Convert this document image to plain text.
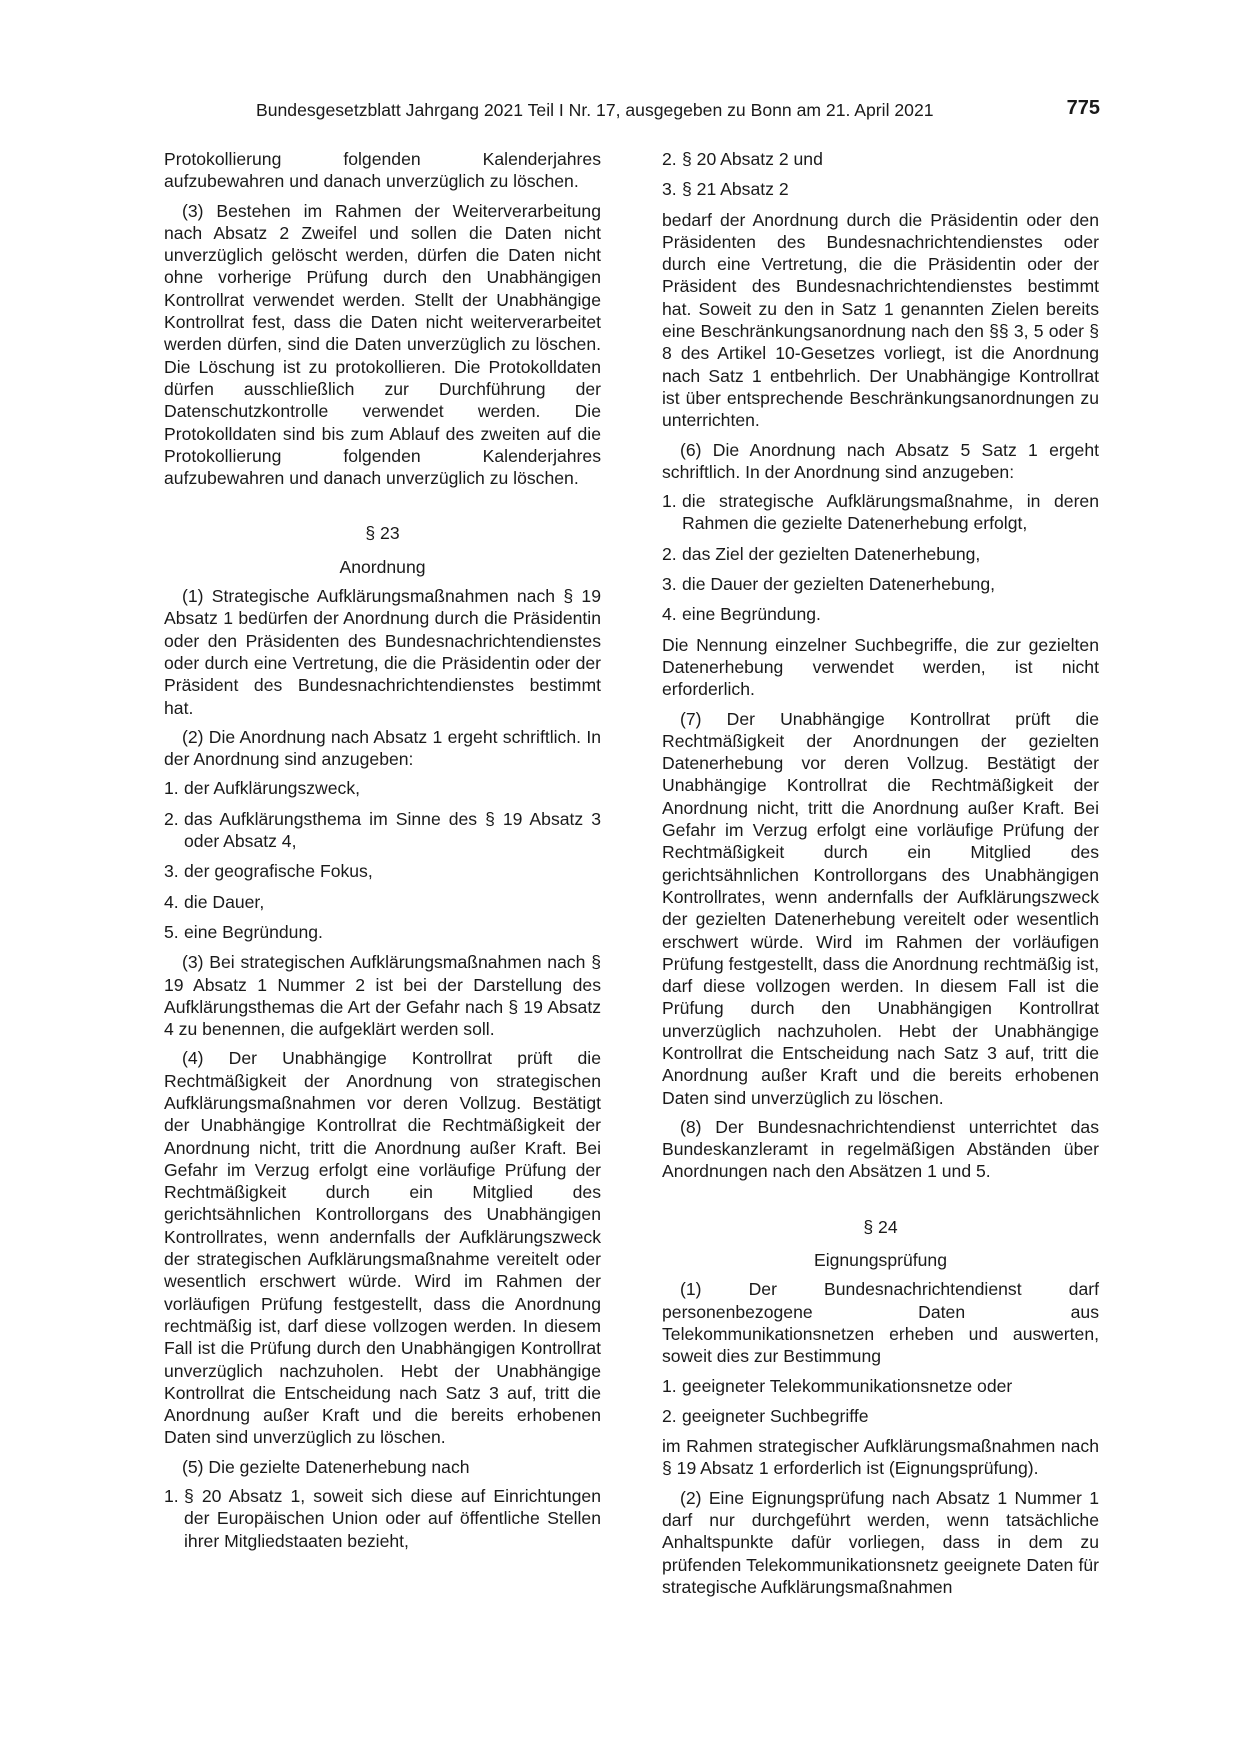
Bundesgesetzblatt Jahrgang 2021 Teil I Nr. 17, ausgegeben zu Bonn am 21. April 2021	775

Protokollierung folgenden Kalenderjahres aufzubewahren und danach unverzüglich zu löschen.

(3) Bestehen im Rahmen der Weiterverarbeitung nach Absatz 2 Zweifel und sollen die Daten nicht unverzüglich gelöscht werden, dürfen die Daten nicht ohne vorherige Prüfung durch den Unabhängigen Kontrollrat verwendet werden. Stellt der Unabhängige Kontrollrat fest, dass die Daten nicht weiterverarbeitet werden dürfen, sind die Daten unverzüglich zu löschen. Die Löschung ist zu protokollieren. Die Protokolldaten dürfen ausschließlich zur Durchführung der Datenschutzkontrolle verwendet werden. Die Protokolldaten sind bis zum Ablauf des zweiten auf die Protokollierung folgenden Kalenderjahres aufzubewahren und danach unverzüglich zu löschen.

§ 23
Anordnung

(1) Strategische Aufklärungsmaßnahmen nach § 19 Absatz 1 bedürfen der Anordnung durch die Präsidentin oder den Präsidenten des Bundesnachrichtendienstes oder durch eine Vertretung, die die Präsidentin oder der Präsident des Bundesnachrichtendienstes bestimmt hat.

(2) Die Anordnung nach Absatz 1 ergeht schriftlich. In der Anordnung sind anzugeben:

1. der Aufklärungszweck,
2. das Aufklärungsthema im Sinne des § 19 Absatz 3 oder Absatz 4,
3. der geografische Fokus,
4. die Dauer,
5. eine Begründung.

(3) Bei strategischen Aufklärungsmaßnahmen nach § 19 Absatz 1 Nummer 2 ist bei der Darstellung des Aufklärungsthemas die Art der Gefahr nach § 19 Absatz 4 zu benennen, die aufgeklärt werden soll.

(4) Der Unabhängige Kontrollrat prüft die Rechtmäßigkeit der Anordnung von strategischen Aufklärungsmaßnahmen vor deren Vollzug. Bestätigt der Unabhängige Kontrollrat die Rechtmäßigkeit der Anordnung nicht, tritt die Anordnung außer Kraft. Bei Gefahr im Verzug erfolgt eine vorläufige Prüfung der Rechtmäßigkeit durch ein Mitglied des gerichtsähnlichen Kontrollorgans des Unabhängigen Kontrollrates, wenn andernfalls der Aufklärungszweck der strategischen Aufklärungsmaßnahme vereitelt oder wesentlich erschwert würde. Wird im Rahmen der vorläufigen Prüfung festgestellt, dass die Anordnung rechtmäßig ist, darf diese vollzogen werden. In diesem Fall ist die Prüfung durch den Unabhängigen Kontrollrat unverzüglich nachzuholen. Hebt der Unabhängige Kontrollrat die Entscheidung nach Satz 3 auf, tritt die Anordnung außer Kraft und die bereits erhobenen Daten sind unverzüglich zu löschen.

(5) Die gezielte Datenerhebung nach

1. § 20 Absatz 1, soweit sich diese auf Einrichtungen der Europäischen Union oder auf öffentliche Stellen ihrer Mitgliedstaaten bezieht,
2. § 20 Absatz 2 und
3. § 21 Absatz 2

bedarf der Anordnung durch die Präsidentin oder den Präsidenten des Bundesnachrichtendienstes oder durch eine Vertretung, die die Präsidentin oder der Präsident des Bundesnachrichtendienstes bestimmt hat. Soweit zu den in Satz 1 genannten Zielen bereits eine Beschränkungsanordnung nach den §§ 3, 5 oder § 8 des Artikel 10-Gesetzes vorliegt, ist die Anordnung nach Satz 1 entbehrlich. Der Unabhängige Kontrollrat ist über entsprechende Beschränkungsanordnungen zu unterrichten.

(6) Die Anordnung nach Absatz 5 Satz 1 ergeht schriftlich. In der Anordnung sind anzugeben:

1. die strategische Aufklärungsmaßnahme, in deren Rahmen die gezielte Datenerhebung erfolgt,
2. das Ziel der gezielten Datenerhebung,
3. die Dauer der gezielten Datenerhebung,
4. eine Begründung.

Die Nennung einzelner Suchbegriffe, die zur gezielten Datenerhebung verwendet werden, ist nicht erforderlich.

(7) Der Unabhängige Kontrollrat prüft die Rechtmäßigkeit der Anordnungen der gezielten Datenerhebung vor deren Vollzug. Bestätigt der Unabhängige Kontrollrat die Rechtmäßigkeit der Anordnung nicht, tritt die Anordnung außer Kraft. Bei Gefahr im Verzug erfolgt eine vorläufige Prüfung der Rechtmäßigkeit durch ein Mitglied des gerichtsähnlichen Kontrollorgans des Unabhängigen Kontrollrates, wenn andernfalls der Aufklärungszweck der gezielten Datenerhebung vereitelt oder wesentlich erschwert würde. Wird im Rahmen der vorläufigen Prüfung festgestellt, dass die Anordnung rechtmäßig ist, darf diese vollzogen werden. In diesem Fall ist die Prüfung durch den Unabhängigen Kontrollrat unverzüglich nachzuholen. Hebt der Unabhängige Kontrollrat die Entscheidung nach Satz 3 auf, tritt die Anordnung außer Kraft und die bereits erhobenen Daten sind unverzüglich zu löschen.

(8) Der Bundesnachrichtendienst unterrichtet das Bundeskanzleramt in regelmäßigen Abständen über Anordnungen nach den Absätzen 1 und 5.

§ 24
Eignungsprüfung

(1) Der Bundesnachrichtendienst darf personenbezogene Daten aus Telekommunikationsnetzen erheben und auswerten, soweit dies zur Bestimmung

1. geeigneter Telekommunikationsnetze oder
2. geeigneter Suchbegriffe

im Rahmen strategischer Aufklärungsmaßnahmen nach § 19 Absatz 1 erforderlich ist (Eignungsprüfung).

(2) Eine Eignungsprüfung nach Absatz 1 Nummer 1 darf nur durchgeführt werden, wenn tatsächliche Anhaltspunkte dafür vorliegen, dass in dem zu prüfenden Telekommunikationsnetz geeignete Daten für strategische Aufklärungsmaßnahmen
